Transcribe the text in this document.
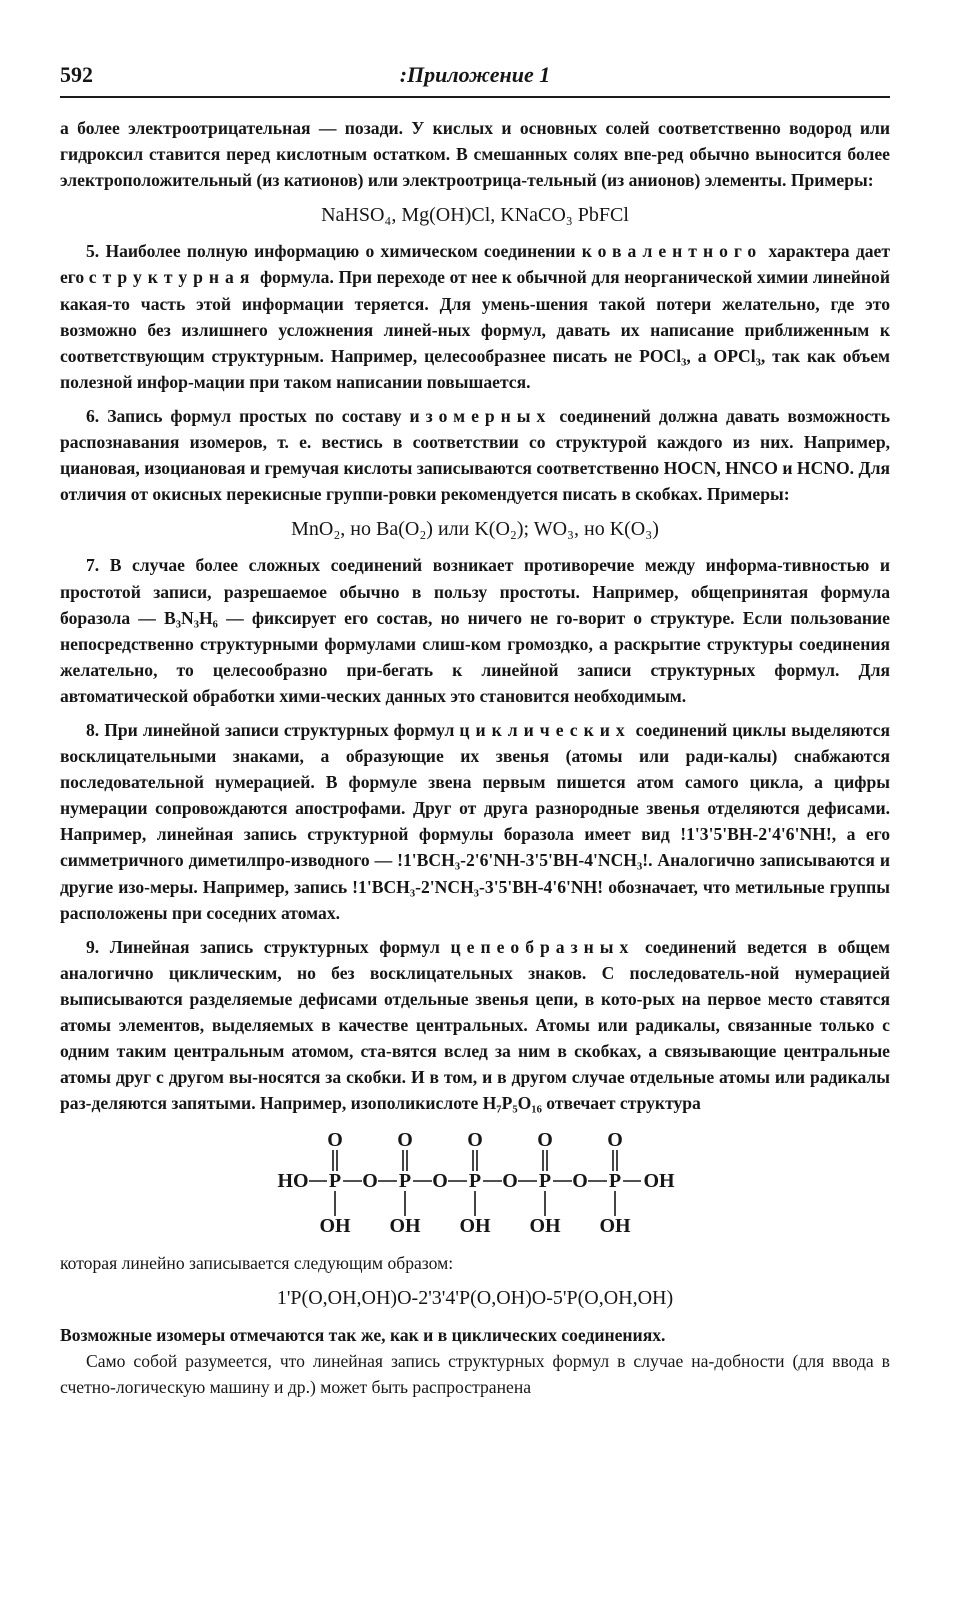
592	:Приложение 1

а более электроотрицательная — позади. У кислых и основных солей соответственно водород или гидроксил ставится перед кислотным остатком. В смешанных солях впе-ред обычно выносится более электроположительный (из катионов) или электроотрица-тельный (из анионов) элементы. Примеры:

NaHSO₄, Mg(OH)Cl, KNaCO₃ PbFCl

5. Наиболее полную информацию о химическом соединении ковалентного характера дает его структурная формула. При переходе от нее к обычной для неорганической химии линейной какая-то часть этой информации теряется. Для умень-шения такой потери желательно, где это возможно без излишнего усложнения линей-ных формул, давать их написание приближенным к соответствующим структурным. Например, целесообразнее писать не POCl₃, а OPCl₃, так как объем полезной инфор-мации при таком написании повышается.

6. Запись формул простых по составу изомерных соединений должна давать возможность распознавания изомеров, т. е. вестись в соответствии со структурой каждого из них. Например, циановая, изоциановая и гремучая кислоты записываются соответственно HOCN, HNCO и HCNO. Для отличия от окисных перекисные группи-ровки рекомендуется писать в скобках. Примеры:

MnO₂, но Ba(O₂) или K(O₂); WO₃, но K(O₃)

7. В случае более сложных соединений возникает противоречие между информа-тивностью и простотой записи, разрешаемое обычно в пользу простоты. Например, общепринятая формула боразола — B₃N₃H₆ — фиксирует его состав, но ничего не го-ворит о структуре. Если пользование непосредственно структурными формулами слиш-ком громоздко, а раскрытие структуры соединения желательно, то целесообразно при-бегать к линейной записи структурных формул. Для автоматической обработки хими-ческих данных это становится необходимым.

8. При линейной записи структурных формул циклических соединений циклы выделяются восклицательными знаками, а образующие их звенья (атомы или ради-калы) снабжаются последовательной нумерацией. В формуле звена первым пишется атом самого цикла, а цифры нумерации сопровождаются апострофами. Друг от друга разнородные звенья отделяются дефисами. Например, линейная запись структурной формулы боразола имеет вид !1'3'5'BH-2'4'6'NH!, а его симметричного диметилпро-изводного — !1'BCH₃-2'6'NH-3'5'BH-4'NCH₃!. Аналогично записываются и другие изо-меры. Например, запись !1'BCH₃-2'NCH₃-3'5'BH-4'6'NH! обозначает, что метильные группы расположены при соседних атомах.

9. Линейная запись структурных формул цепеобразных соединений ведется в общем аналогично циклическим, но без восклицательных знаков. С последователь-ной нумерацией выписываются разделяемые дефисами отдельные звенья цепи, в кото-рых на первое место ставятся атомы элементов, выделяемых в качестве центральных. Атомы или радикалы, связанные только с одним таким центральным атомом, ста-вятся вслед за ним в скобках, а связывающие центральные атомы друг с другом вы-носятся за скобки. И в том, и в другом случае отдельные атомы или радикалы раз-деляются запятыми. Например, изополикислоте H₇P₅O₁₆ отвечает структура

HO P
O
OH
O P
O
OH
O P
O
OH
O P
O
OH
O P
O
OH
OH

которая линейно записывается следующим образом:

1'P(O,OH,OH)O-2'3'4'P(O,OH)O-5'P(O,OH,OH)

Возможные изомеры отмечаются так же, как и в циклических соединениях.

Само собой разумеется, что линейная запись структурных формул в случае на-добности (для ввода в счетно-логическую машину и др.) может быть распространена
